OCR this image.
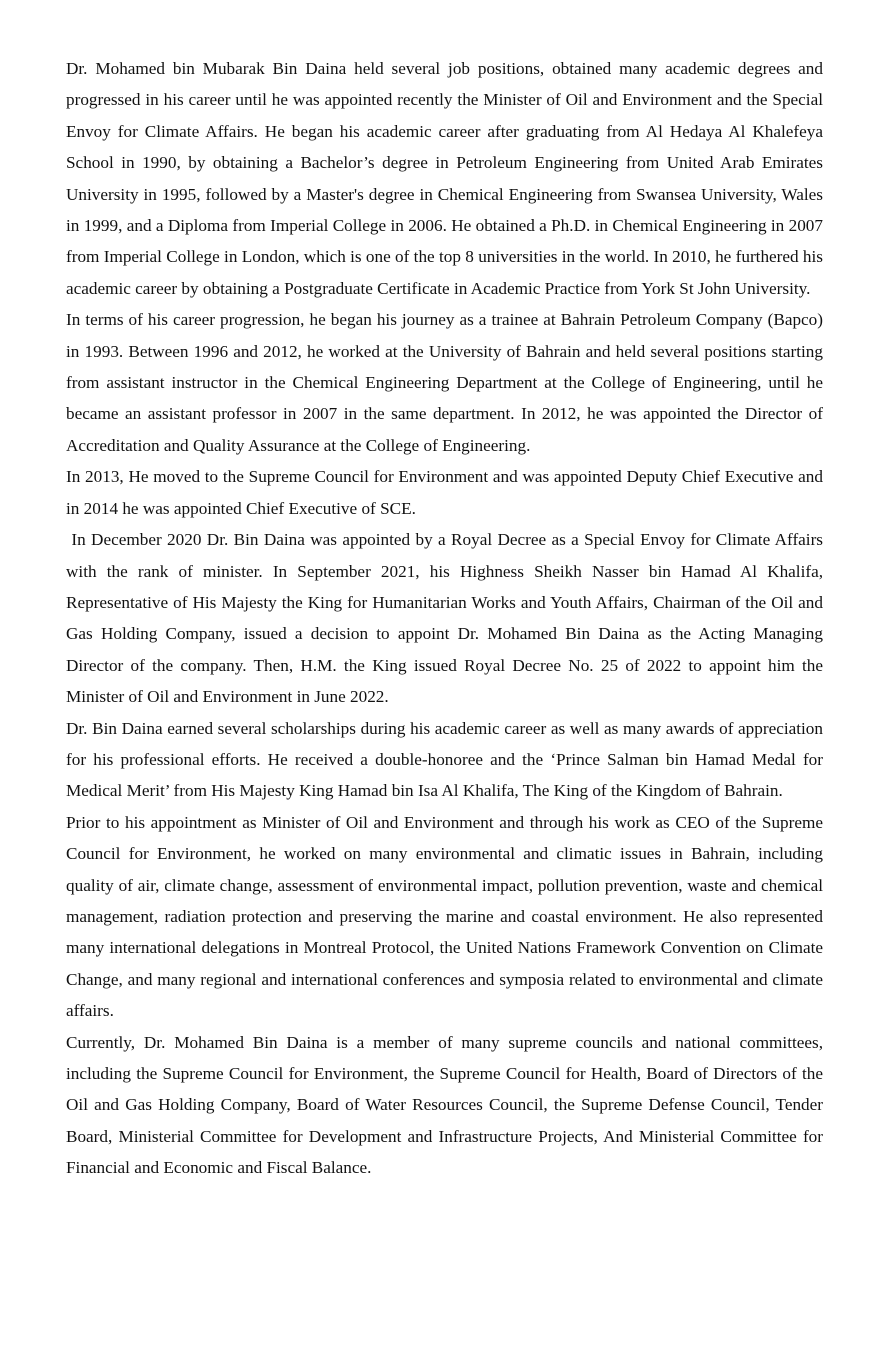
Dr. Mohamed bin Mubarak Bin Daina held several job positions, obtained many academic degrees and progressed in his career until he was appointed recently the Minister of Oil and Environment and the Special Envoy for Climate Affairs. He began his academic career after graduating from Al Hedaya Al Khalefeya School in 1990, by obtaining a Bachelor’s degree in Petroleum Engineering from United Arab Emirates University in 1995, followed by a Master's degree in Chemical Engineering from Swansea University, Wales in 1999, and a Diploma from Imperial College in 2006. He obtained a Ph.D. in Chemical Engineering in 2007 from Imperial College in London, which is one of the top 8 universities in the world. In 2010, he furthered his academic career by obtaining a Postgraduate Certificate in Academic Practice from York St John University.

In terms of his career progression, he began his journey as a trainee at Bahrain Petroleum Company (Bapco) in 1993. Between 1996 and 2012, he worked at the University of Bahrain and held several positions starting from assistant instructor in the Chemical Engineering Department at the College of Engineering, until he became an assistant professor in 2007 in the same department. In 2012, he was appointed the Director of Accreditation and Quality Assurance at the College of Engineering.

In 2013, He moved to the Supreme Council for Environment and was appointed Deputy Chief Executive and in 2014 he was appointed Chief Executive of SCE.

In December 2020 Dr. Bin Daina was appointed by a Royal Decree as a Special Envoy for Climate Affairs with the rank of minister. In September 2021, his Highness Sheikh Nasser bin Hamad Al Khalifa, Representative of His Majesty the King for Humanitarian Works and Youth Affairs, Chairman of the Oil and Gas Holding Company, issued a decision to appoint Dr. Mohamed Bin Daina as the Acting Managing Director of the company. Then, H.M. the King issued Royal Decree No. 25 of 2022 to appoint him the Minister of Oil and Environment in June 2022.

Dr. Bin Daina earned several scholarships during his academic career as well as many awards of appreciation for his professional efforts. He received a double-honoree and the ‘Prince Salman bin Hamad Medal for Medical Merit’ from His Majesty King Hamad bin Isa Al Khalifa, The King of the Kingdom of Bahrain.

Prior to his appointment as Minister of Oil and Environment and through his work as CEO of the Supreme Council for Environment, he worked on many environmental and climatic issues in Bahrain, including quality of air, climate change, assessment of environmental impact, pollution prevention, waste and chemical management, radiation protection and preserving the marine and coastal environment. He also represented many international delegations in Montreal Protocol, the United Nations Framework Convention on Climate Change, and many regional and international conferences and symposia related to environmental and climate affairs.

Currently, Dr. Mohamed Bin Daina is a member of many supreme councils and national committees, including the Supreme Council for Environment, the Supreme Council for Health, Board of Directors of the Oil and Gas Holding Company, Board of Water Resources Council, the Supreme Defense Council, Tender Board, Ministerial Committee for Development and Infrastructure Projects, And Ministerial Committee for Financial and Economic and Fiscal Balance.
